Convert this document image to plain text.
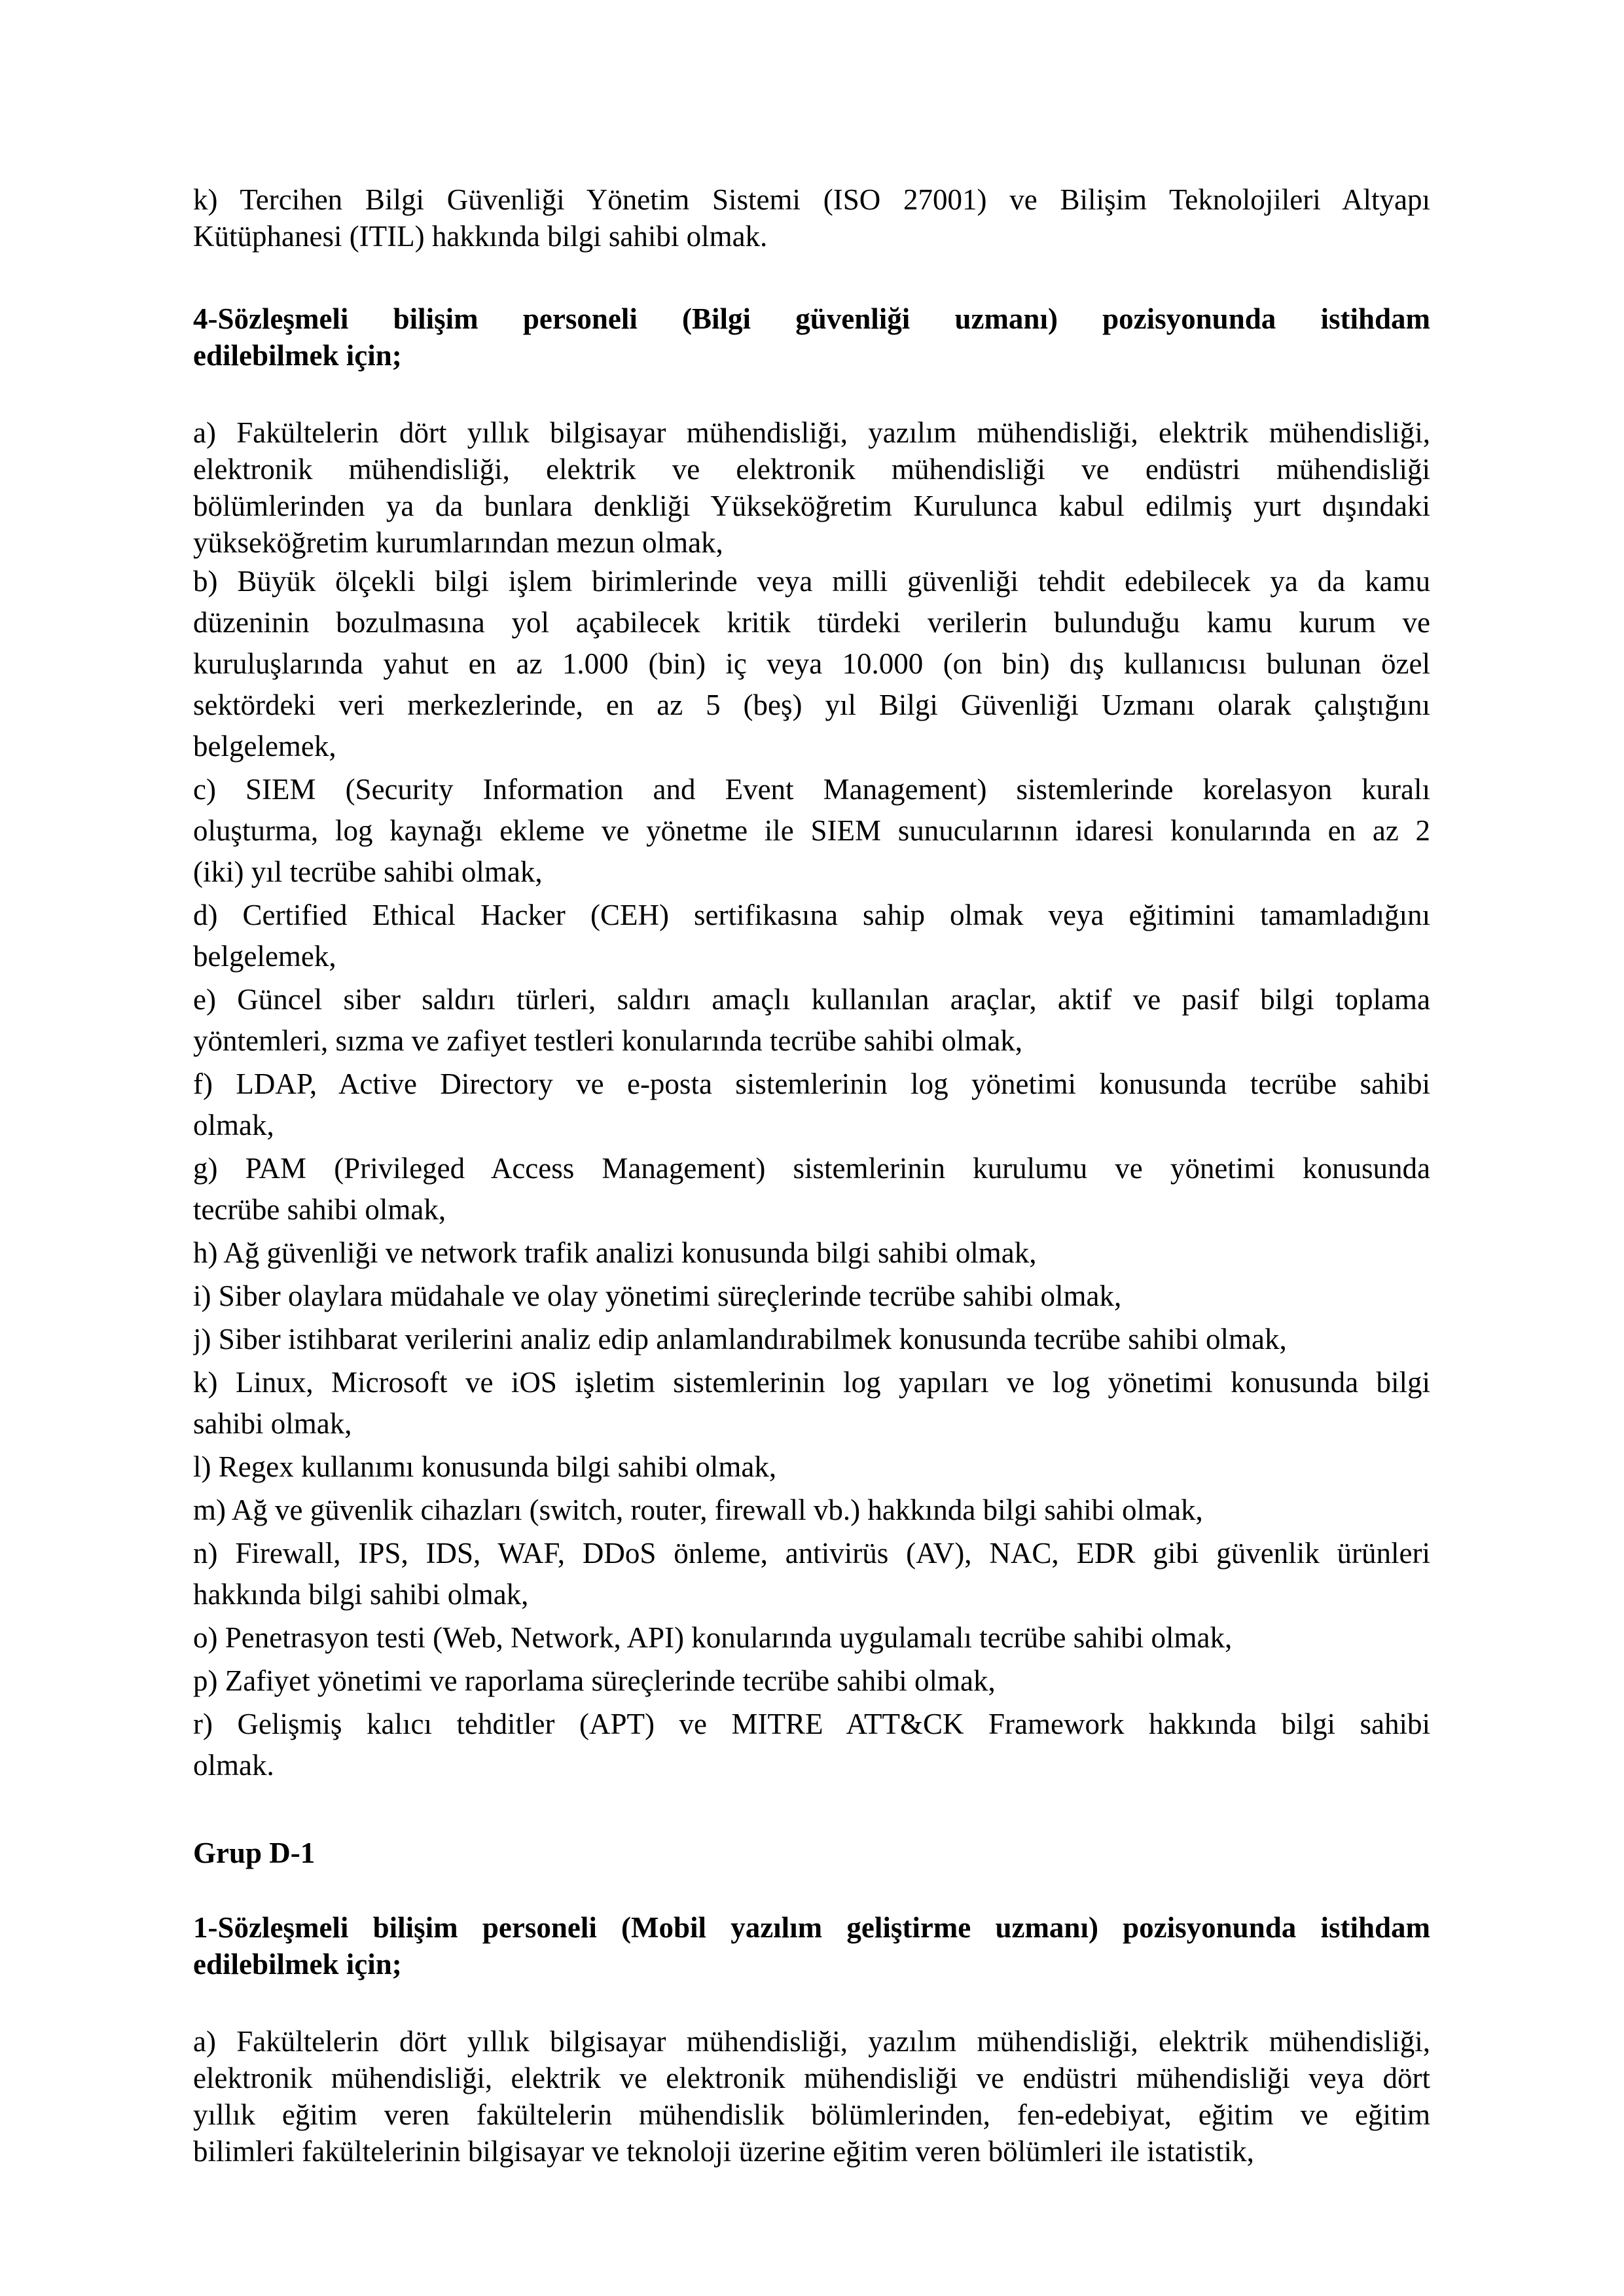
k) Tercihen Bilgi Güvenliği Yönetim Sistemi (ISO 27001) ve Bilişim Teknolojileri Altyapı
Kütüphanesi (ITIL) hakkında bilgi sahibi olmak.
4-Sözleşmeli bilişim personeli (Bilgi güvenliği uzmanı) pozisyonunda istihdam
edilebilmek için;
a) Fakültelerin dört yıllık bilgisayar mühendisliği, yazılım mühendisliği, elektrik mühendisliği,
elektronik mühendisliği, elektrik ve elektronik mühendisliği ve endüstri mühendisliği
bölümlerinden ya da bunlara denkliği Yükseköğretim Kurulunca kabul edilmiş yurt dışındaki
yükseköğretim kurumlarından mezun olmak,
b) Büyük ölçekli bilgi işlem birimlerinde veya milli güvenliği tehdit edebilecek ya da kamu
düzeninin bozulmasına yol açabilecek kritik türdeki verilerin bulunduğu kamu kurum ve
kuruluşlarında yahut en az 1.000 (bin) iç veya 10.000 (on bin) dış kullanıcısı bulunan özel
sektördeki veri merkezlerinde, en az 5 (beş) yıl Bilgi Güvenliği Uzmanı olarak çalıştığını
belgelemek,
c) SIEM (Security Information and Event Management) sistemlerinde korelasyon kuralı
oluşturma, log kaynağı ekleme ve yönetme ile SIEM sunucularının idaresi konularında en az 2
(iki) yıl tecrübe sahibi olmak,
d) Certified Ethical Hacker (CEH) sertifikasına sahip olmak veya eğitimini tamamladığını
belgelemek,
e) Güncel siber saldırı türleri, saldırı amaçlı kullanılan araçlar, aktif ve pasif bilgi toplama
yöntemleri, sızma ve zafiyet testleri konularında tecrübe sahibi olmak,
f) LDAP, Active Directory ve e-posta sistemlerinin log yönetimi konusunda tecrübe sahibi
olmak,
g) PAM (Privileged Access Management) sistemlerinin kurulumu ve yönetimi konusunda
tecrübe sahibi olmak,
h) Ağ güvenliği ve network trafik analizi konusunda bilgi sahibi olmak,
i) Siber olaylara müdahale ve olay yönetimi süreçlerinde tecrübe sahibi olmak,
j) Siber istihbarat verilerini analiz edip anlamlandırabilmek konusunda tecrübe sahibi olmak,
k) Linux, Microsoft ve iOS işletim sistemlerinin log yapıları ve log yönetimi konusunda bilgi
sahibi olmak,
l) Regex kullanımı konusunda bilgi sahibi olmak,
m) Ağ ve güvenlik cihazları (switch, router, firewall vb.) hakkında bilgi sahibi olmak,
n) Firewall, IPS, IDS, WAF, DDoS önleme, antivirüs (AV), NAC, EDR gibi güvenlik ürünleri
hakkında bilgi sahibi olmak,
o) Penetrasyon testi (Web, Network, API) konularında uygulamalı tecrübe sahibi olmak,
p) Zafiyet yönetimi ve raporlama süreçlerinde tecrübe sahibi olmak,
r) Gelişmiş kalıcı tehditler (APT) ve MITRE ATT&CK Framework hakkında bilgi sahibi
olmak.
Grup D-1
1-Sözleşmeli bilişim personeli (Mobil yazılım geliştirme uzmanı) pozisyonunda istihdam
edilebilmek için;
a) Fakültelerin dört yıllık bilgisayar mühendisliği, yazılım mühendisliği, elektrik mühendisliği,
elektronik mühendisliği, elektrik ve elektronik mühendisliği ve endüstri mühendisliği veya dört
yıllık eğitim veren fakültelerin mühendislik bölümlerinden, fen-edebiyat, eğitim ve eğitim
bilimleri fakültelerinin bilgisayar ve teknoloji üzerine eğitim veren bölümleri ile istatistik,
